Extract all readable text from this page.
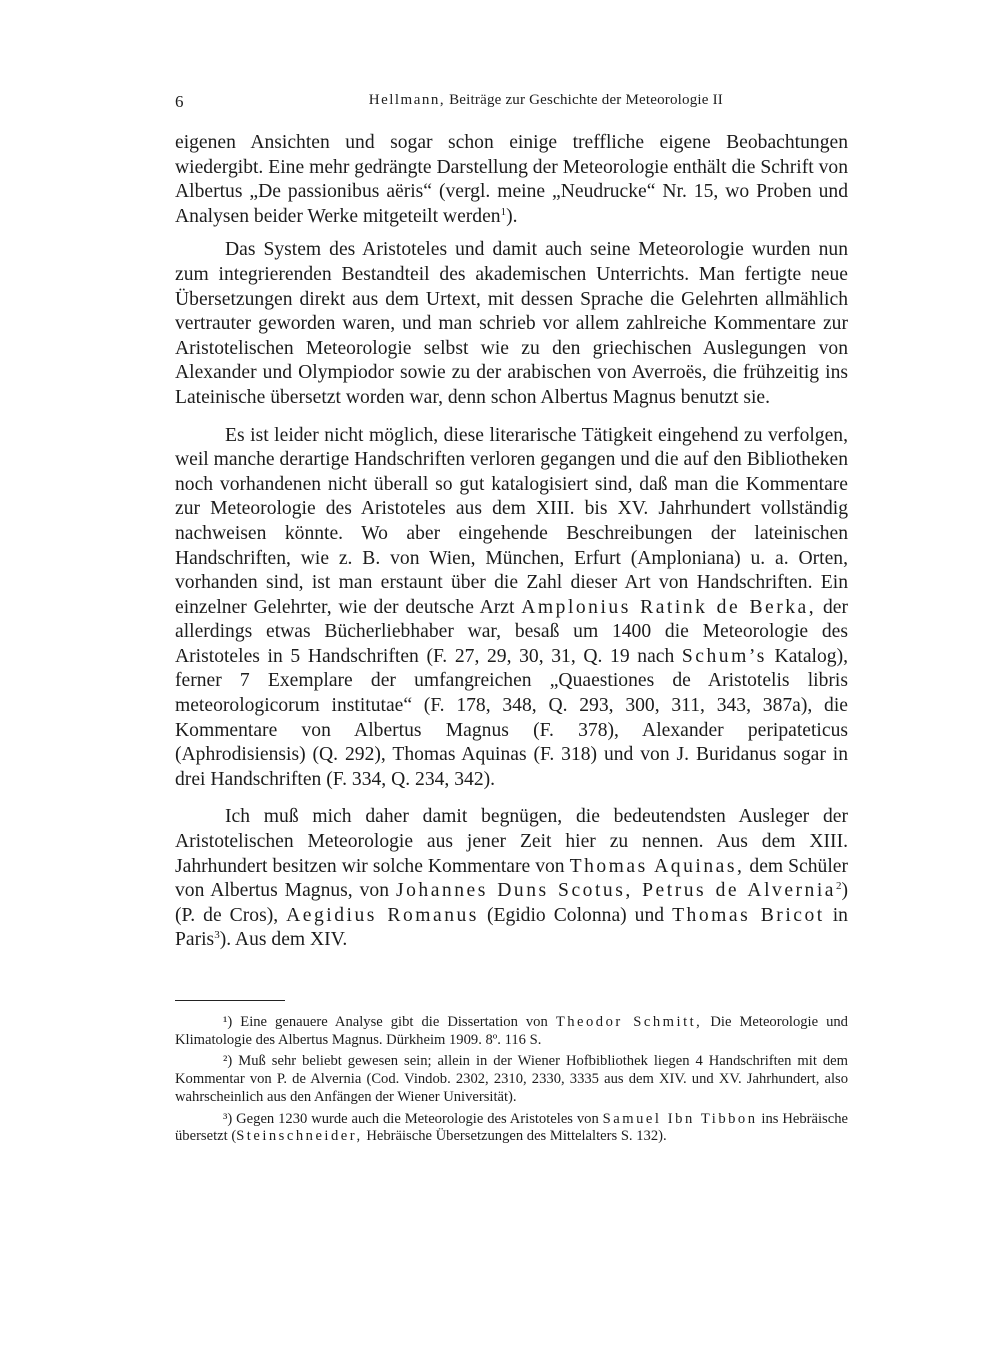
6	Hellmann, Beiträge zur Geschichte der Meteorologie II

eigenen Ansichten und sogar schon einige treffliche eigene Beobachtungen wiedergibt. Eine mehr gedrängte Darstellung der Meteorologie enthält die Schrift von Albertus „De passionibus aëris“ (vergl. meine „Neudrucke“ Nr. 15, wo Proben und Analysen beider Werke mitgeteilt werden$^1$).

Das System des Aristoteles und damit auch seine Meteorologie wurden nun zum integrierenden Bestandteil des akademischen Unterrichts. Man fertigte neue Übersetzungen direkt aus dem Urtext, mit dessen Sprache die Gelehrten allmählich vertrauter geworden waren, und man schrieb vor allem zahlreiche Kommentare zur Aristotelischen Meteorologie selbst wie zu den griechischen Auslegungen von Alexander und Olympiodor sowie zu der arabischen von Averroës, die frühzeitig ins Lateinische übersetzt worden war, denn schon Albertus Magnus benutzt sie.

Es ist leider nicht möglich, diese literarische Tätigkeit eingehend zu verfolgen, weil manche derartige Handschriften verloren gegangen und die auf den Bibliotheken noch vorhandenen nicht überall so gut katalogisiert sind, daß man die Kommentare zur Meteorologie des Aristoteles aus dem XIII. bis XV. Jahrhundert vollständig nachweisen könnte. Wo aber eingehende Beschreibungen der lateinischen Handschriften, wie z. B. von Wien, München, Erfurt (Amploniana) u. a. Orten, vorhanden sind, ist man erstaunt über die Zahl dieser Art von Handschriften. Ein einzelner Gelehrter, wie der deutsche Arzt Amplonius Ratink de Berka, der allerdings etwas Bücherliebhaber war, besaß um 1400 die Meteorologie des Aristoteles in 5 Handschriften (F. 27, 29, 30, 31, Q. 19 nach Schum’s Katalog), ferner 7 Exemplare der umfangreichen „Quaestiones de Aristotelis libris meteorologicorum institutae“ (F. 178, 348, Q. 293, 300, 311, 343, 387a), die Kommentare von Albertus Magnus (F. 378), Alexander peripateticus (Aphrodisiensis) (Q. 292), Thomas Aquinas (F. 318) und von J. Buridanus sogar in drei Handschriften (F. 334, Q. 234, 342).

Ich muß mich daher damit begnügen, die bedeutendsten Ausleger der Aristotelischen Meteorologie aus jener Zeit hier zu nennen. Aus dem XIII. Jahrhundert besitzen wir solche Kommentare von Thomas Aquinas, dem Schüler von Albertus Magnus, von Johannes Duns Scotus, Petrus de Alvernia$^2$) (P. de Cros), Aegidius Romanus (Egidio Colonna) und Thomas Bricot in Paris$^3$). Aus dem XIV.

¹) Eine genauere Analyse gibt die Dissertation von Theodor Schmitt, Die Meteorologie und Klimatologie des Albertus Magnus. Dürkheim 1909. 8º. 116 S.

²) Muß sehr beliebt gewesen sein; allein in der Wiener Hofbibliothek liegen 4 Handschriften mit dem Kommentar von P. de Alvernia (Cod. Vindob. 2302, 2310, 2330, 3335 aus dem XIV. und XV. Jahrhundert, also wahrscheinlich aus den Anfängen der Wiener Universität).

³) Gegen 1230 wurde auch die Meteorologie des Aristoteles von Samuel Ibn Tibbon ins Hebräische übersetzt (Steinschneider, Hebräische Übersetzungen des Mittelalters S. 132).
